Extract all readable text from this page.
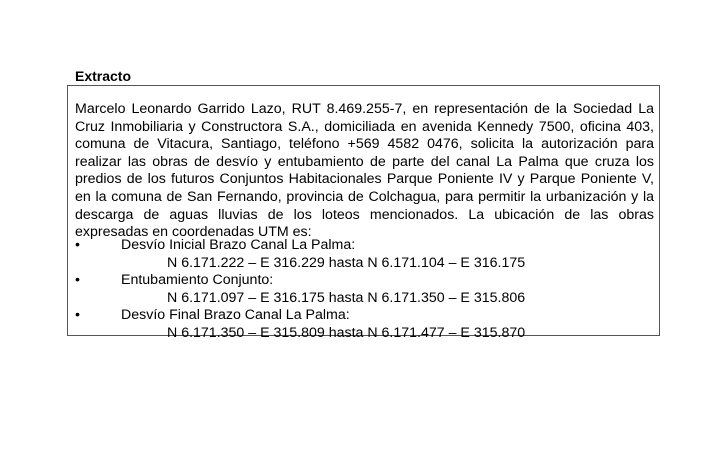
Extracto

Marcelo Leonardo Garrido Lazo, RUT 8.469.255-7, en representación de la Sociedad La Cruz Inmobiliaria y Constructora S.A., domiciliada en avenida Kennedy 7500, oficina 403, comuna de Vitacura, Santiago, teléfono +569 4582 0476, solicita la autorización para realizar las obras de desvío y entubamiento de parte del canal La Palma que cruza los predios de los futuros Conjuntos Habitacionales Parque Poniente IV y Parque Poniente V, en la comuna de San Fernando, provincia de Colchagua, para permitir la urbanización y la descarga de aguas lluvias de los loteos mencionados. La ubicación de las obras expresadas en coordenadas UTM es:

•	Desvío Inicial Brazo Canal La Palma:
N 6.171.222 – E 316.229 hasta N 6.171.104 – E 316.175
•	Entubamiento Conjunto:
N 6.171.097 – E 316.175 hasta N 6.171.350 – E 315.806
•	Desvío Final Brazo Canal La Palma:
N 6.171.350 – E 315.809 hasta N 6.171.477 – E 315.870
